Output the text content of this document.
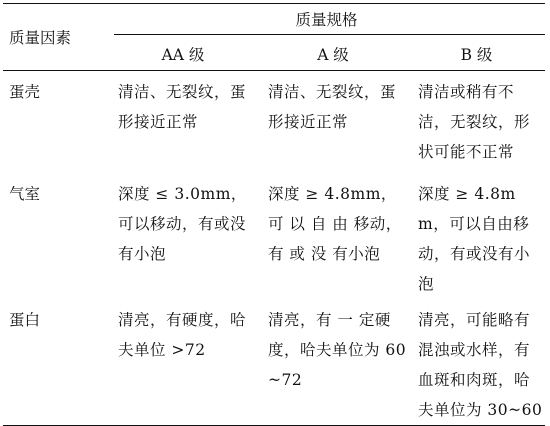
质量因素	质量规格		

	AA 级	A 级	B 级
蛋壳	清洁、无裂纹，蛋形接近正常	清洁、无裂纹，蛋形接近正常	清洁或稍有不洁，无裂纹，形状可能不正常

气室	深度 ≤ 3.0mm，可以移动，有或没有小泡	深度 ≥ 4.8mm，可 以 自 由 移动，有 或 没 有小泡	深度 ≥ 4.8mm，可以自由移动，有或没有小泡

蛋白	清亮，有硬度，哈夫单位 >72	清亮，有 一 定硬度，哈夫单位为 60~72	清亮，可能略有混浊或水样，有血斑和肉斑，哈夫单位为 30~60
